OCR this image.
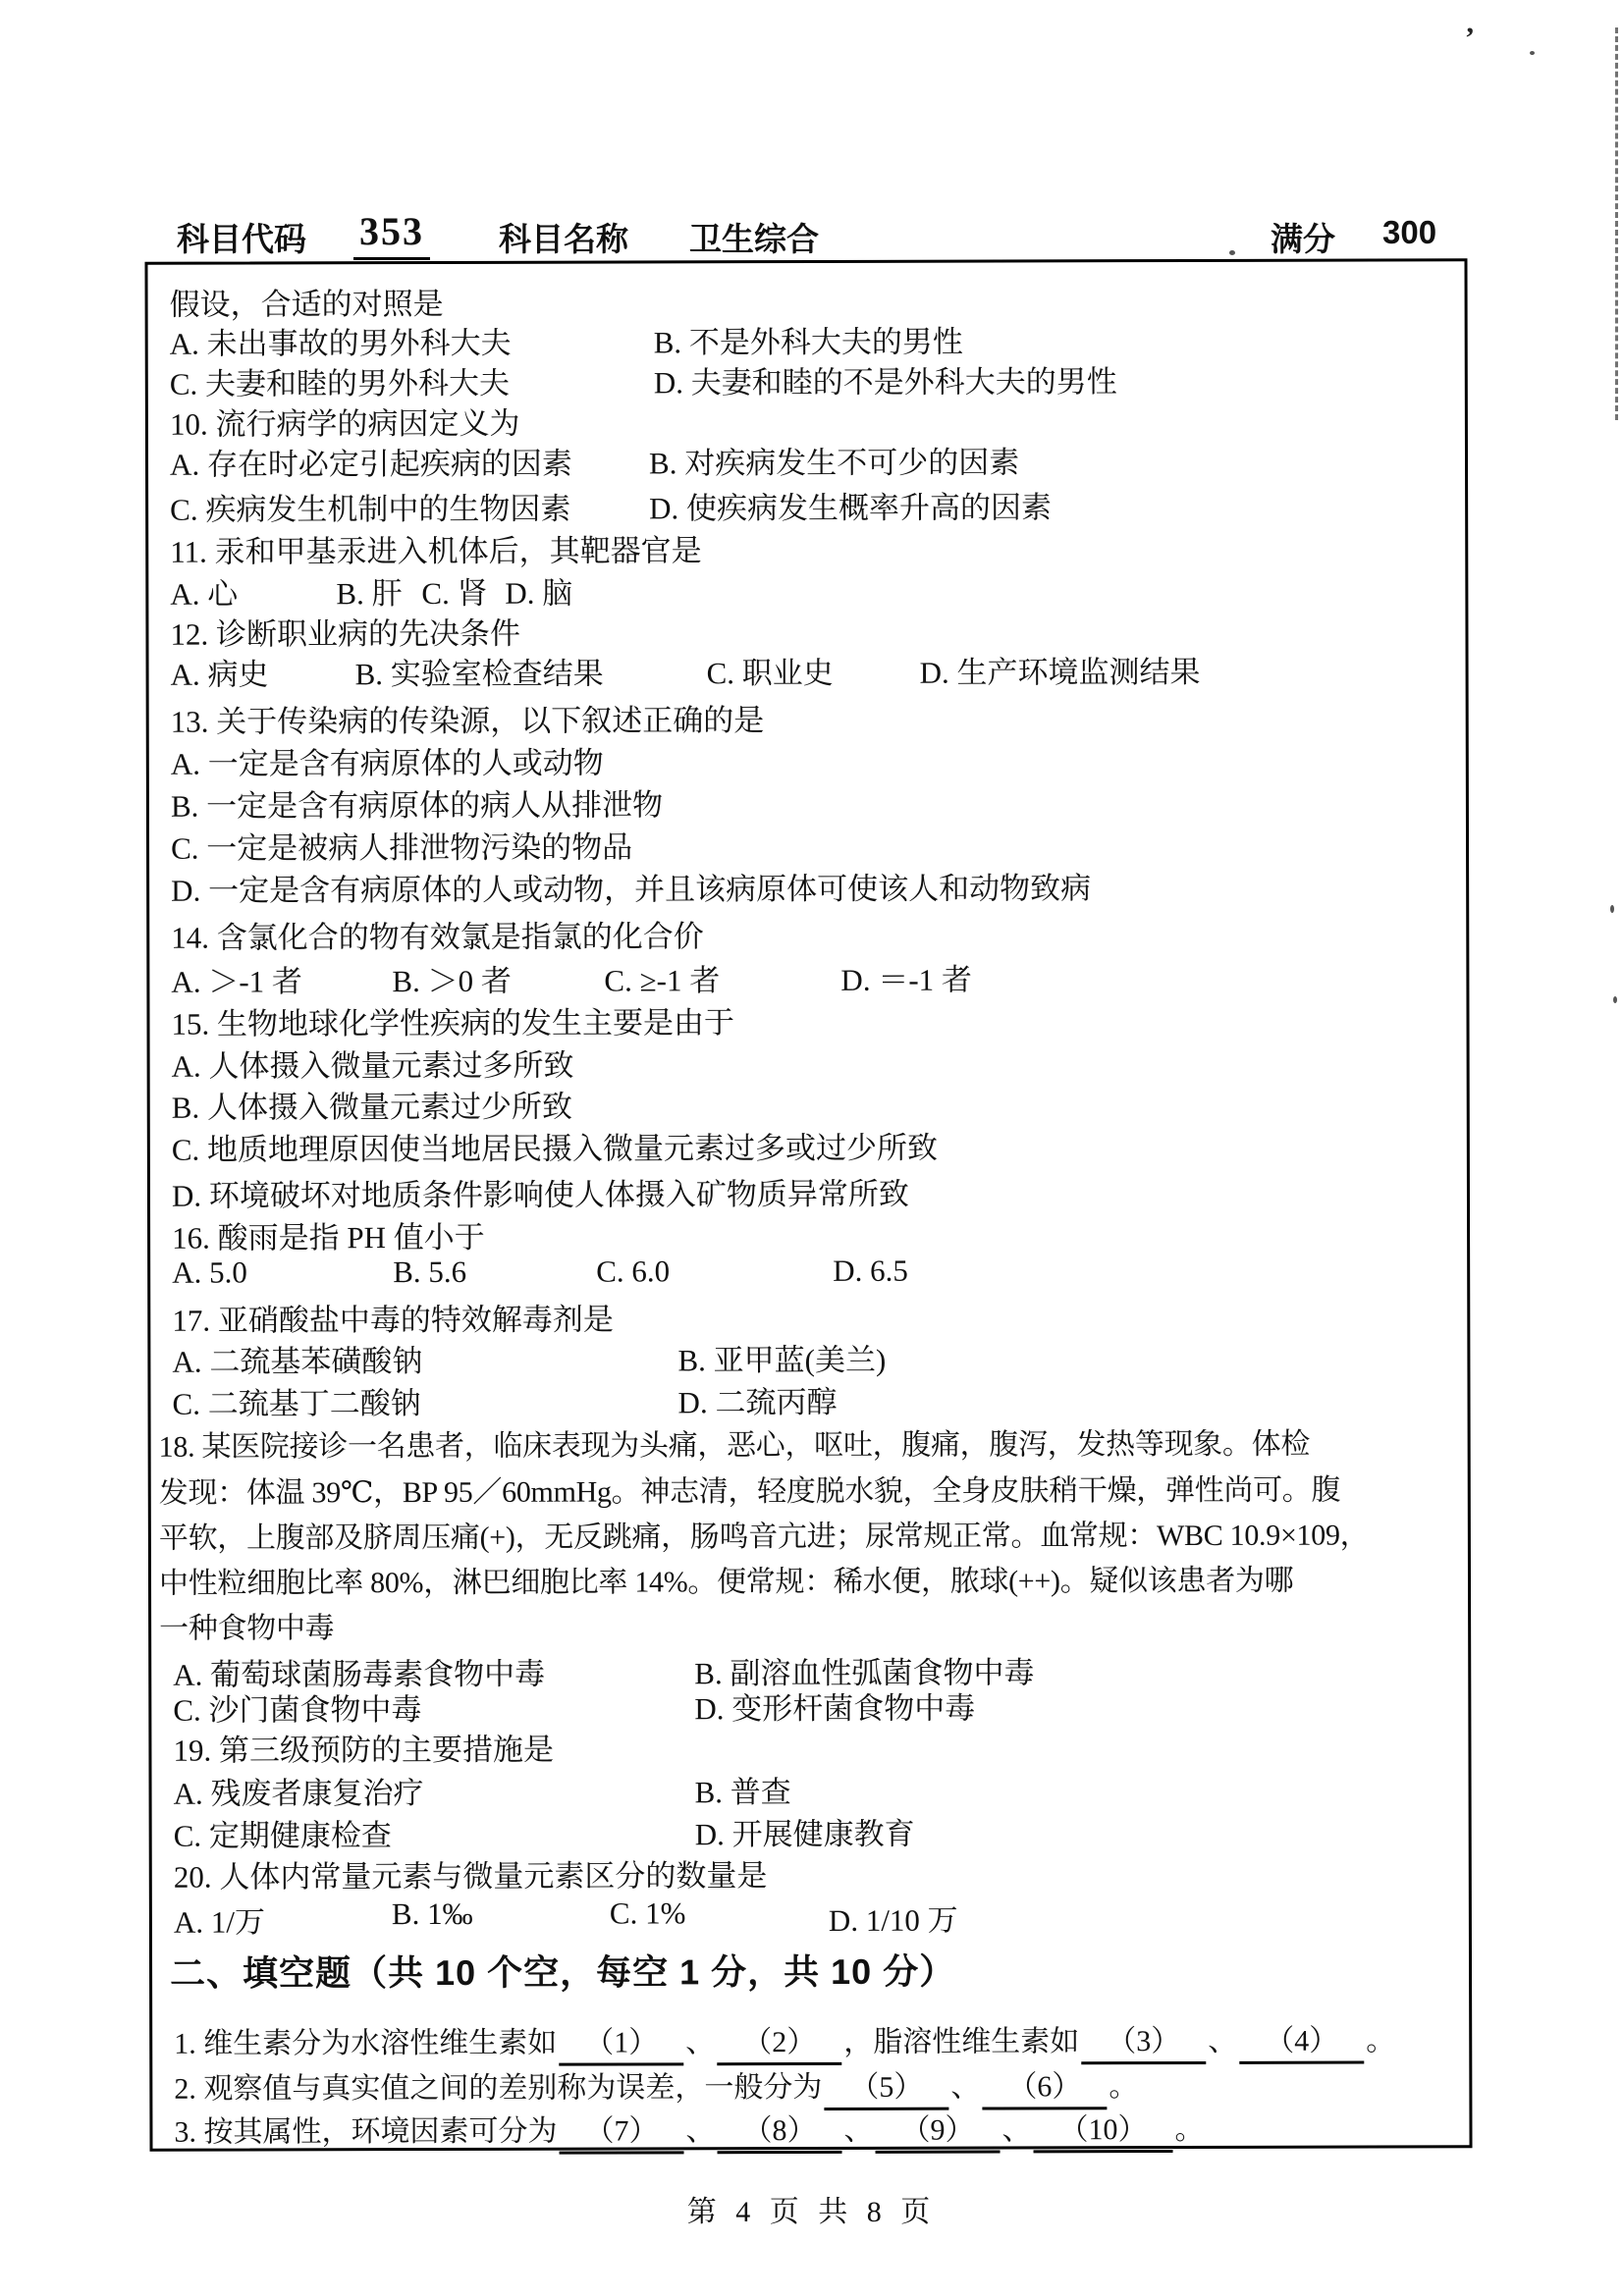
科目代码 353 科目名称 卫生综合	满分 300
’
假设，合适的对照是
A. 未出事故的男外科大夫	B. 不是外科大夫的男性
C. 夫妻和睦的男外科大夫	D. 夫妻和睦的不是外科大夫的男性
10. 流行病学的病因定义为
A. 存在时必定引起疾病的因素	B. 对疾病发生不可少的因素
C. 疾病发生机制中的生物因素	D. 使疾病发生概率升高的因素
11. 汞和甲基汞进入机体后，其靶器官是
A. 心	B. 肝 C. 肾 D. 脑
12. 诊断职业病的先决条件
A. 病史	B. 实验室检查结果	C. 职业史	D. 生产环境监测结果
13. 关于传染病的传染源，以下叙述正确的是
A. 一定是含有病原体的人或动物
B. 一定是含有病原体的病人从排泄物
C. 一定是被病人排泄物污染的物品
D. 一定是含有病原体的人或动物，并且该病原体可使该人和动物致病
14. 含氯化合的物有效氯是指氯的化合价
A. ＞-1 者	B. ＞0 者	C. ≥-1 者	D. ＝-1 者
15. 生物地球化学性疾病的发生主要是由于
A. 人体摄入微量元素过多所致
B. 人体摄入微量元素过少所致
C. 地质地理原因使当地居民摄入微量元素过多或过少所致
D. 环境破坏对地质条件影响使人体摄入矿物质异常所致
16. 酸雨是指 PH 值小于
A. 5.0	B. 5.6	C. 6.0	D. 6.5
17. 亚硝酸盐中毒的特效解毒剂是
A. 二巯基苯磺酸钠	B. 亚甲蓝(美兰)
C. 二巯基丁二酸钠	D. 二巯丙醇
18. 某医院接诊一名患者，临床表现为头痛，恶心，呕吐，腹痛，腹泻，发热等现象。体检
发现：体温 39℃，BP 95／60mmHg。神志清，轻度脱水貌，全身皮肤稍干燥，弹性尚可。腹
平软，上腹部及脐周压痛(+)，无反跳痛，肠鸣音亢进；尿常规正常。血常规：WBC 10.9×109，
中性粒细胞比率 80%，淋巴细胞比率 14%。便常规：稀水便，脓球(++)。疑似该患者为哪
一种食物中毒
A. 葡萄球菌肠毒素食物中毒	B. 副溶血性弧菌食物中毒
C. 沙门菌食物中毒	D. 变形杆菌食物中毒
19. 第三级预防的主要措施是
A. 残废者康复治疗	B. 普查
C. 定期健康检查	D. 开展健康教育
20. 人体内常量元素与微量元素区分的数量是
A. 1/万	B. 1‰	C. 1%	D. 1/10 万
二、填空题（共 10 个空，每空 1 分，共 10 分）
1. 维生素分为水溶性维生素如 （1） 、 （2） ，脂溶性维生素如 （3） 、 （4） 。
2. 观察值与真实值之间的差别称为误差，一般分为 （5） 、 （6） 。
3. 按其属性，环境因素可分为 （7） 、 （8） 、 （9） 、 （10） 。
第 4 页 共 8 页
